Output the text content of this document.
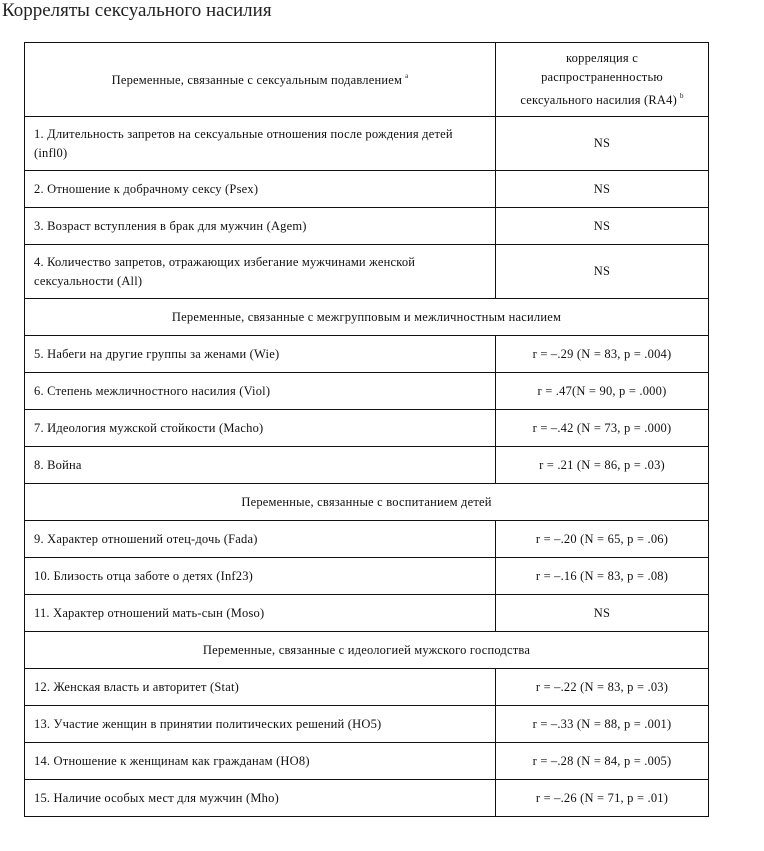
Корреляты сексуального насилия
Переменные, связанные с сексуальным подавлением $^a$	корреляция с распространенностью сексуального насилия (RA4) $^b$
1. Длительность запретов на сексуальные отношения после рождения детей (infl0)	NS
2. Отношение к добрачному сексу (Psex)	NS
3. Возраст вступления в брак для мужчин (Agem)	NS
4. Количество запретов, отражающих избегание мужчинами женской сексуальности (All)	NS
Переменные, связанные с межгрупповым и межличностным насилием	
5. Набеги на другие группы за женами (Wie)	r = –.29 (N = 83, p = .004)
6. Степень межличностного насилия (Viol)	r = .47(N = 90, p = .000)
7. Идеология мужской стойкости (Macho)	r = –.42 (N = 73, p = .000)
8. Война	r = .21 (N = 86, p = .03)
Переменные, связанные с воспитанием детей	
9. Характер отношений отец-дочь (Fada)	r = –.20 (N = 65, p = .06)
10. Близость отца заботе о детях (Inf23)	r = –.16 (N = 83, p = .08)
11. Характер отношений мать-сын (Moso)	NS
Переменные, связанные с идеологией мужского господства	
12. Женская власть и авторитет (Stat)	r = –.22 (N = 83, p = .03)
13. Участие женщин в принятии политических решений (HO5)	r = –.33 (N = 88, p = .001)
14. Отношение к женщинам как гражданам (HO8)	r = –.28 (N = 84, p = .005)
15. Наличие особых мест для мужчин (Mho)	r = –.26 (N = 71, p = .01)
